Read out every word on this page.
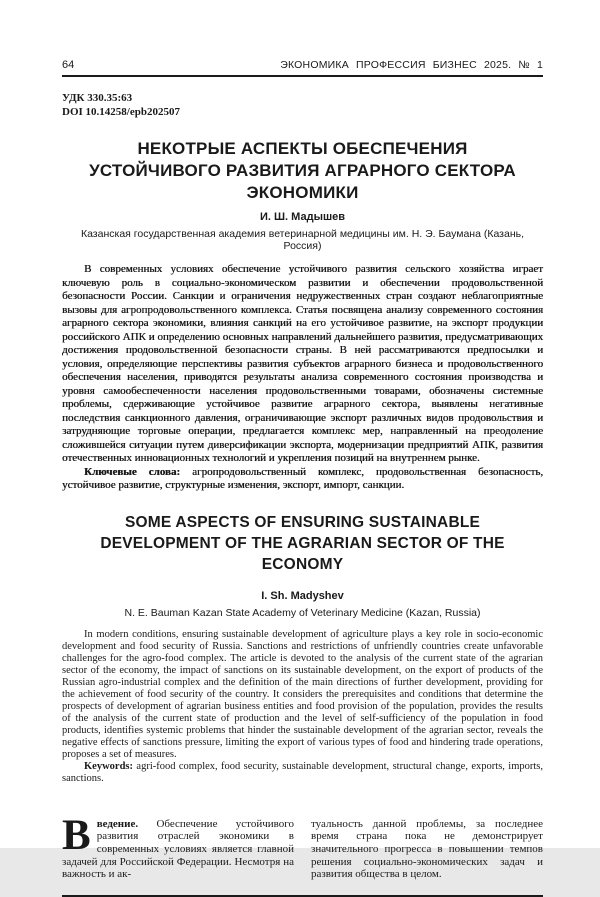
64	ЭКОНОМИКА ПРОФЕССИЯ БИЗНЕС 2025. № 1
УДК 330.35:63
DOI 10.14258/epb202507
НЕКОТРЫЕ АСПЕКТЫ ОБЕСПЕЧЕНИЯ УСТОЙЧИВОГО РАЗВИТИЯ АГРАРНОГО СЕКТОРА ЭКОНОМИКИ
И. Ш. Мадышев
Казанская государственная академия ветеринарной медицины им. Н. Э. Баумана (Казань, Россия)

В современных условиях обеспечение устойчивого развития сельского хозяйства играет ключевую роль в социально-экономическом развитии и обеспечении продовольственной безопасности России. Санкции и ограничения недружественных стран создают неблагоприятные вызовы для агропродовольственного комплекса. Статья посвящена анализу современного состояния аграрного сектора экономики, влияния санкций на его устойчивое развитие, на экспорт продукции российского АПК и определению основных направлений дальнейшего развития, предусматривающих достижения продовольственной безопасности страны. В ней рассматриваются предпосылки и условия, определяющие перспективы развития субъектов аграрного бизнеса и продовольственного обеспечения населения, приводятся результаты анализа современного состояния производства и уровня самообеспеченности населения продовольственными товарами, обозначены системные проблемы, сдерживающие устойчивое развитие аграрного сектора, выявлены негативные последствия санкционного давления, ограничивающие экспорт различных видов продовольствия и затрудняющие торговые операции, предлагается комплекс мер, направленный на преодоление сложившейся ситуации путем диверсификации экспорта, модернизации предприятий АПК, развития отечественных инновационных технологий и укрепления позиций на внутреннем рынке.

Ключевые слова: агропродовольственный комплекс, продовольственная безопасность, устойчивое развитие, структурные изменения, экспорт, импорт, санкции.

SOME ASPECTS OF ENSURING SUSTAINABLE DEVELOPMENT OF THE AGRARIAN SECTOR OF THE ECONOMY
I. Sh. Madyshev
N. E. Bauman Kazan State Academy of Veterinary Medicine (Kazan, Russia)

In modern conditions, ensuring sustainable development of agriculture plays a key role in socio-economic development and food security of Russia. Sanctions and restrictions of unfriendly countries create unfavorable challenges for the agro-food complex. The article is devoted to the analysis of the current state of the agrarian sector of the economy, the impact of sanctions on its sustainable development, on the export of products of the Russian agro-industrial complex and the definition of the main directions of further development, providing for the achievement of food security of the country. It considers the prerequisites and conditions that determine the prospects of development of agrarian business entities and food provision of the population, provides the results of the analysis of the current state of production and the level of self-sufficiency of the population in food products, identifies systemic problems that hinder the sustainable development of the agrarian sector, reveals the negative effects of sanctions pressure, limiting the export of various types of food and hindering trade operations, proposes a set of measures.

Keywords: agri-food complex, food security, sustainable development, structural change, exports, imports, sanctions.

Введение. Обеспечение устойчивого развития отраслей экономики в современных условиях является главной задачей для Российской Федерации. Несмотря на важность и ак-
туальность данной проблемы, за последнее время страна пока не демонстрирует значительного прогресса в повышении темпов решения социально-экономических задач и развития общества в целом.
